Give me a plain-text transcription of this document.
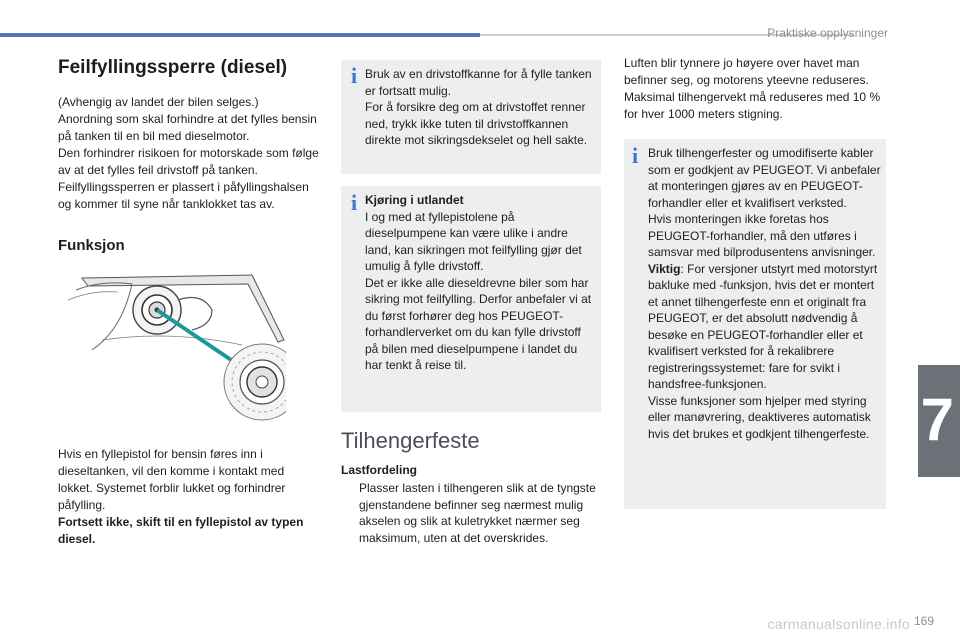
Praktiske opplysninger
7
carmanualsonline.info 169
Feilfyllingssperre (diesel)

(Avhengig av landet der bilen selges.)

Anordning som skal forhindre at det fylles bensin på tanken til en bil med dieselmotor.

Den forhindrer risikoen for motorskade som følge av at det fylles feil drivstoff på tanken.

Feilfyllingssperren er plassert i påfyllingshalsen og kommer til syne når tanklokket tas av.

Funksjon

Hvis en fyllepistol for bensin føres inn i dieseltanken, vil den komme i kontakt med lokket. Systemet forblir lukket og forhindrer påfylling.

Fortsett ikke, skift til en fyllepistol av typen diesel.

i Bruk av en drivstoffkanne for å fylle tanken er fortsatt mulig.

For å forsikre deg om at drivstoffet renner ned, trykk ikke tuten til drivstoffkannen direkte mot sikringsdekselet og hell sakte.

i Kjøring i utlandet

I og med at fyllepistolene på dieselpumpene kan være ulike i andre land, kan sikringen mot feilfylling gjør det umulig å fylle drivstoff.

Det er ikke alle dieseldrevne biler som har sikring mot feilfylling. Derfor anbefaler vi at du først forhører deg hos PEUGEOT-forhandlerverket om du kan fylle drivstoff på bilen med dieselpumpene i landet du har tenkt å reise til.

Tilhengerfeste
Lastfordeling
Plasser lasten i tilhengeren slik at de tyngste gjenstandene befinner seg nærmest mulig akselen og slik at kuletrykket nærmer seg maksimum, uten at det overskrides.

Luften blir tynnere jo høyere over havet man befinner seg, og motorens yteevne reduseres.

Maksimal tilhengervekt må reduseres med 10 % for hver 1000 meters stigning.

i Bruk tilhengerfester og umodifiserte kabler som er godkjent av PEUGEOT. Vi anbefaler at monteringen gjøres av en PEUGEOT-forhandler eller et kvalifisert verksted.

Hvis monteringen ikke foretas hos PEUGEOT-forhandler, må den utføres i samsvar med bilprodusentens anvisninger.

Viktig: For versjoner utstyrt med motorstyrt bakluke med -funksjon, hvis det er montert et annet tilhengerfeste enn et originalt fra PEUGEOT, er det absolutt nødvendig å besøke en PEUGEOT-forhandler eller et kvalifisert verksted for å rekalibrere registreringssystemet: fare for svikt i handsfree-funksjonen.

Visse funksjoner som hjelper med styring eller manøvrering, deaktiveres automatisk hvis det brukes et godkjent tilhengerfeste.
